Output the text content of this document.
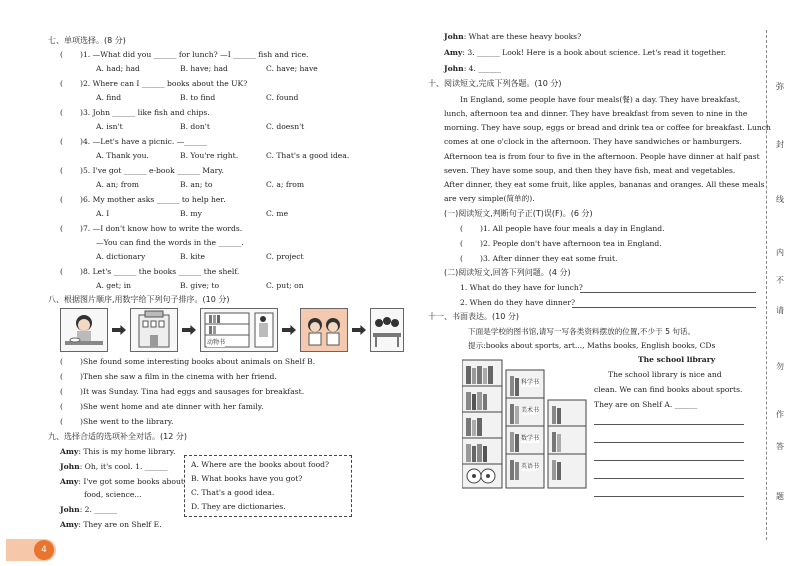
七、单项选择。(8 分)
( )1. —What did you ______ for lunch? —I ______ fish and rice.
A. had; had	B. have; had	C. have; have
( )2. Where can I ______ books about the UK?
A. find	B. to find	C. found
( )3. John ______ like fish and chips.
A. isn't	B. don't	C. doesn't
( )4. —Let's have a picnic. —______
A. Thank you.	B. You're right.	C. That's a good idea.
( )5. I've got ______ e-book ______ Mary.
A. an; from	B. an; to	C. a; from
( )6. My mother asks ______ to help her.
A. I	B. my	C. me
( )7. —I don't know how to write the words.
—You can find the words in the ______.
A. dictionary	B. kite	C. project
( )8. Let's ______ the books ______ the shelf.
A. get; in	B. give; to	C. put; on
八、根据图片顺序,用数字给下列句子排序。(10 分)
动物书
( )She found some interesting books about animals on Shelf B.
( )Then she saw a film in the cinema with her friend.
( )It was Sunday. Tina had eggs and sausages for breakfast.
( )She went home and ate dinner with her family.
( )She went to the library.
九、选择合适的选项补全对话。(12 分)
Amy: This is my home library.
John: Oh, it's cool. 1. ______
Amy: I've got some books about
food, science...
John: 2. ______
Amy: They are on Shelf E.
A. Where are the books about food?
B. What books have you got?
C. That's a good idea.
D. They are dictionaries.
John: What are these heavy books?
Amy: 3. ______ Look! Here is a book about science. Let's read it together.
John: 4. ______
十、阅读短文,完成下列各题。(10 分)
In England, some people have four meals(餐) a day. They have breakfast,
lunch, afternoon tea and dinner. They have breakfast from seven to nine in the
morning. They have soup, eggs or bread and drink tea or coffee for breakfast. Lunch
comes at one o'clock in the afternoon. They have sandwiches or hamburgers.
Afternoon tea is from four to five in the afternoon. People have dinner at half past
seven. They have some soup, and then they have fish, meat and vegetables.
After dinner, they eat some fruit, like apples, bananas and oranges. All these meals
are very simple(简单的).
(一)阅读短文,判断句子正(T)误(F)。(6 分)
( )1. All people have four meals a day in England.
( )2. People don't have afternoon tea in England.
( )3. After dinner they eat some fruit.
(二)阅读短文,回答下列问题。(4 分)
1. What do they have for lunch?
2. When do they have dinner?
十一、书面表达。(10 分)
下面是学校的图书馆,请写一写各类资料摆放的位置,不少于 5 句话。
提示:books about sports, art..., Maths books, English books, CDs
科学书
美术书
数学书
英语书
The school library
The school library is nice and
clean. We can find books about sports.
They are on Shelf A. ______
弥
封
线
内
不
请
勿
作
答
题
4
